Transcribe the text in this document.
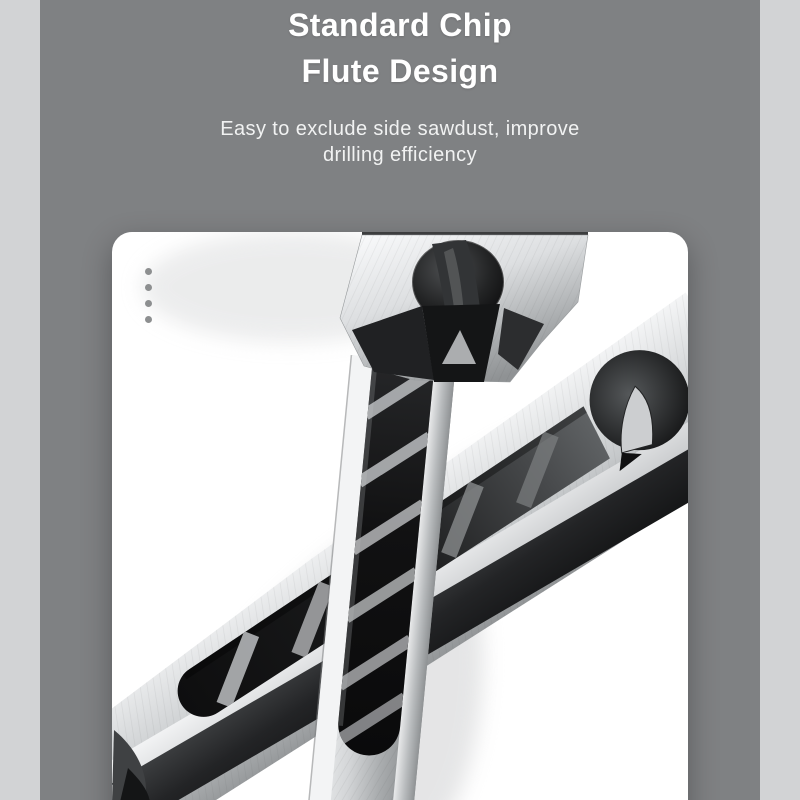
Standard Chip
Flute Design
Easy to exclude side sawdust, improve
drilling efficiency
